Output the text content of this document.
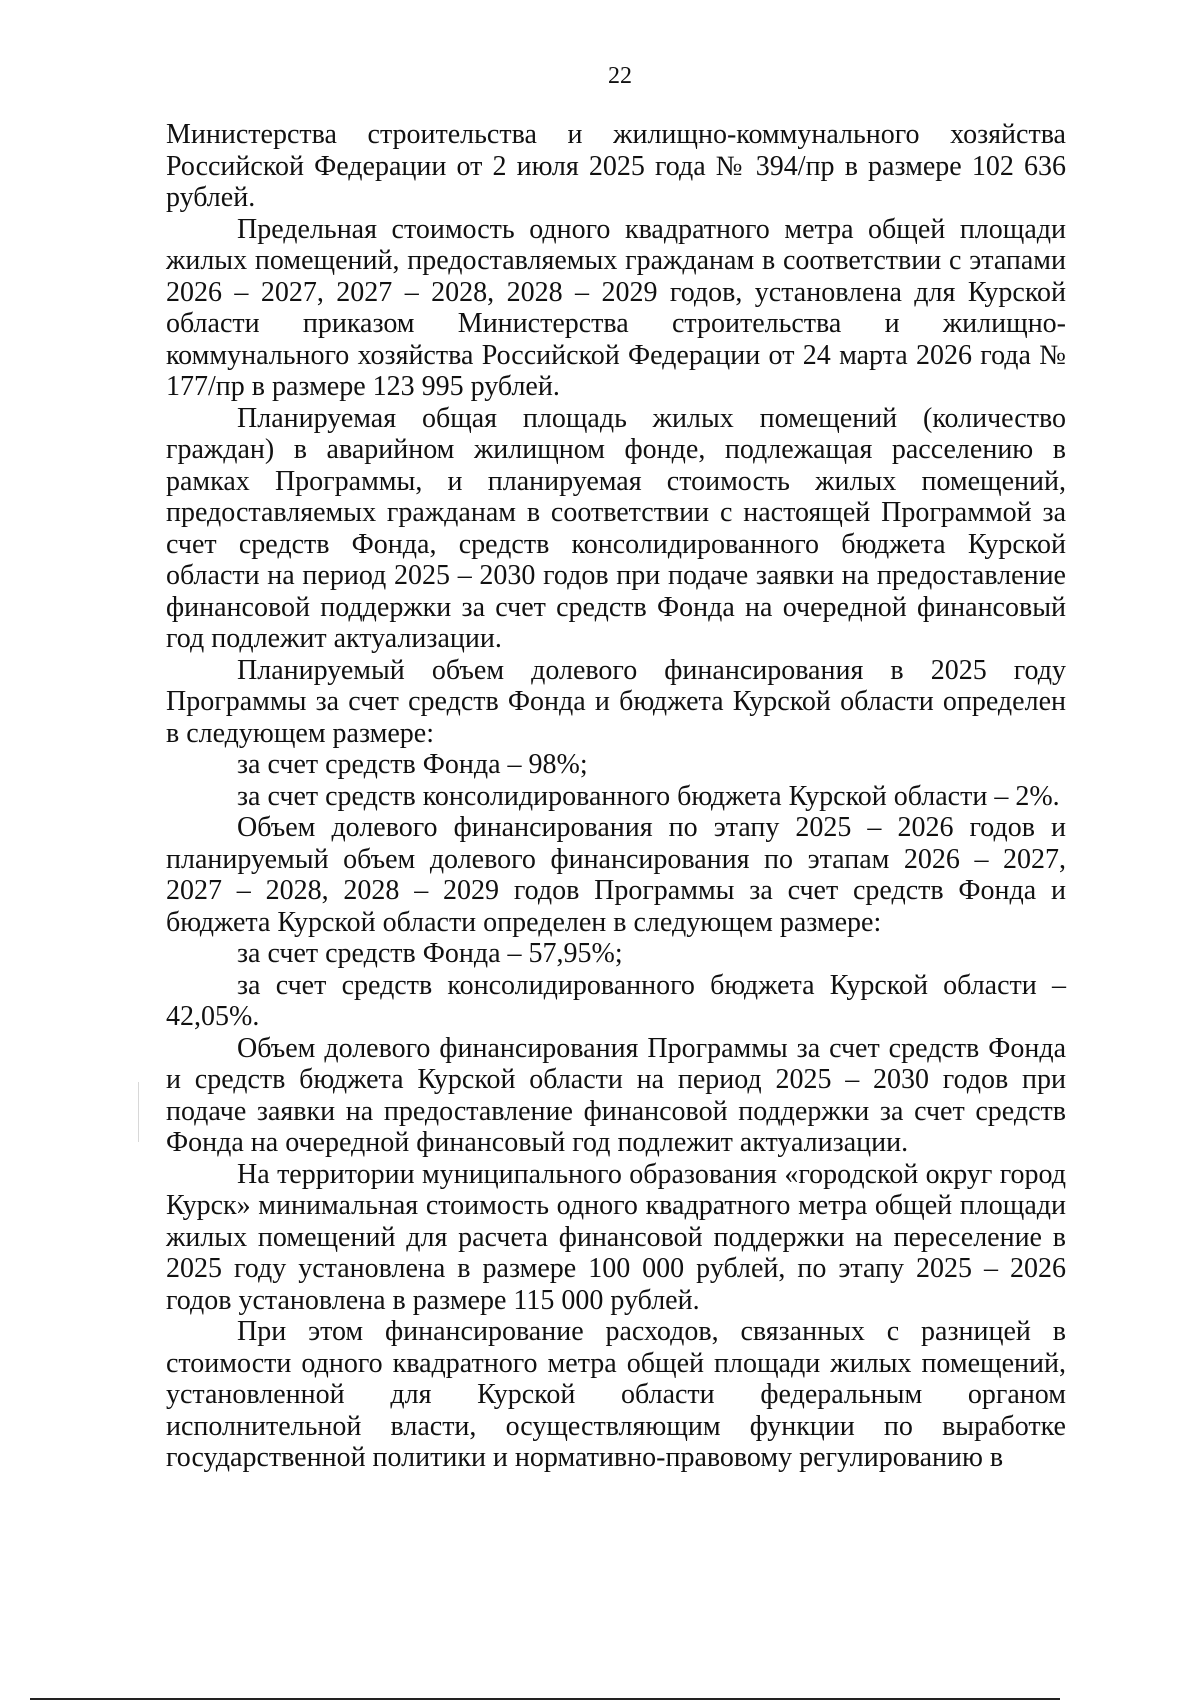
22

Министерства строительства и жилищно-коммунального хозяйства Российской Федерации от 2 июля 2025 года № 394/пр в размере 102 636 рублей.

Предельная стоимость одного квадратного метра общей площади жилых помещений, предоставляемых гражданам в соответствии с этапами 2026 – 2027, 2027 – 2028, 2028 – 2029 годов, установлена для Курской области приказом Министерства строительства и жилищно-коммунального хозяйства Российской Федерации от 24 марта 2026 года № 177/пр в размере 123 995 рублей.

Планируемая общая площадь жилых помещений (количество граждан) в аварийном жилищном фонде, подлежащая расселению в рамках Программы, и планируемая стоимость жилых помещений, предоставляемых гражданам в соответствии с настоящей Программой за счет средств Фонда, средств консолидированного бюджета Курской области на период 2025 – 2030 годов при подаче заявки на предоставление финансовой поддержки за счет средств Фонда на очередной финансовый год подлежит актуализации.

Планируемый объем долевого финансирования в 2025 году Программы за счет средств Фонда и бюджета Курской области определен в следующем размере:

за счет средств Фонда – 98%;

за счет средств консолидированного бюджета Курской области – 2%.

Объем долевого финансирования по этапу 2025 – 2026 годов и планируемый объем долевого финансирования по этапам 2026 – 2027, 2027 – 2028, 2028 – 2029 годов Программы за счет средств Фонда и бюджета Курской области определен в следующем размере:

за счет средств Фонда – 57,95%;

за счет средств консолидированного бюджета Курской области – 42,05%.

Объем долевого финансирования Программы за счет средств Фонда и средств бюджета Курской области на период 2025 – 2030 годов при подаче заявки на предоставление финансовой поддержки за счет средств Фонда на очередной финансовый год подлежит актуализации.

На территории муниципального образования «городской округ город Курск» минимальная стоимость одного квадратного метра общей площади жилых помещений для расчета финансовой поддержки на переселение в 2025 году установлена в размере 100 000 рублей, по этапу 2025 – 2026 годов установлена в размере 115 000 рублей.

При этом финансирование расходов, связанных с разницей в стоимости одного квадратного метра общей площади жилых помещений, установленной для Курской области федеральным органом исполнительной власти, осуществляющим функции по выработке государственной политики и нормативно-правовому регулированию в
